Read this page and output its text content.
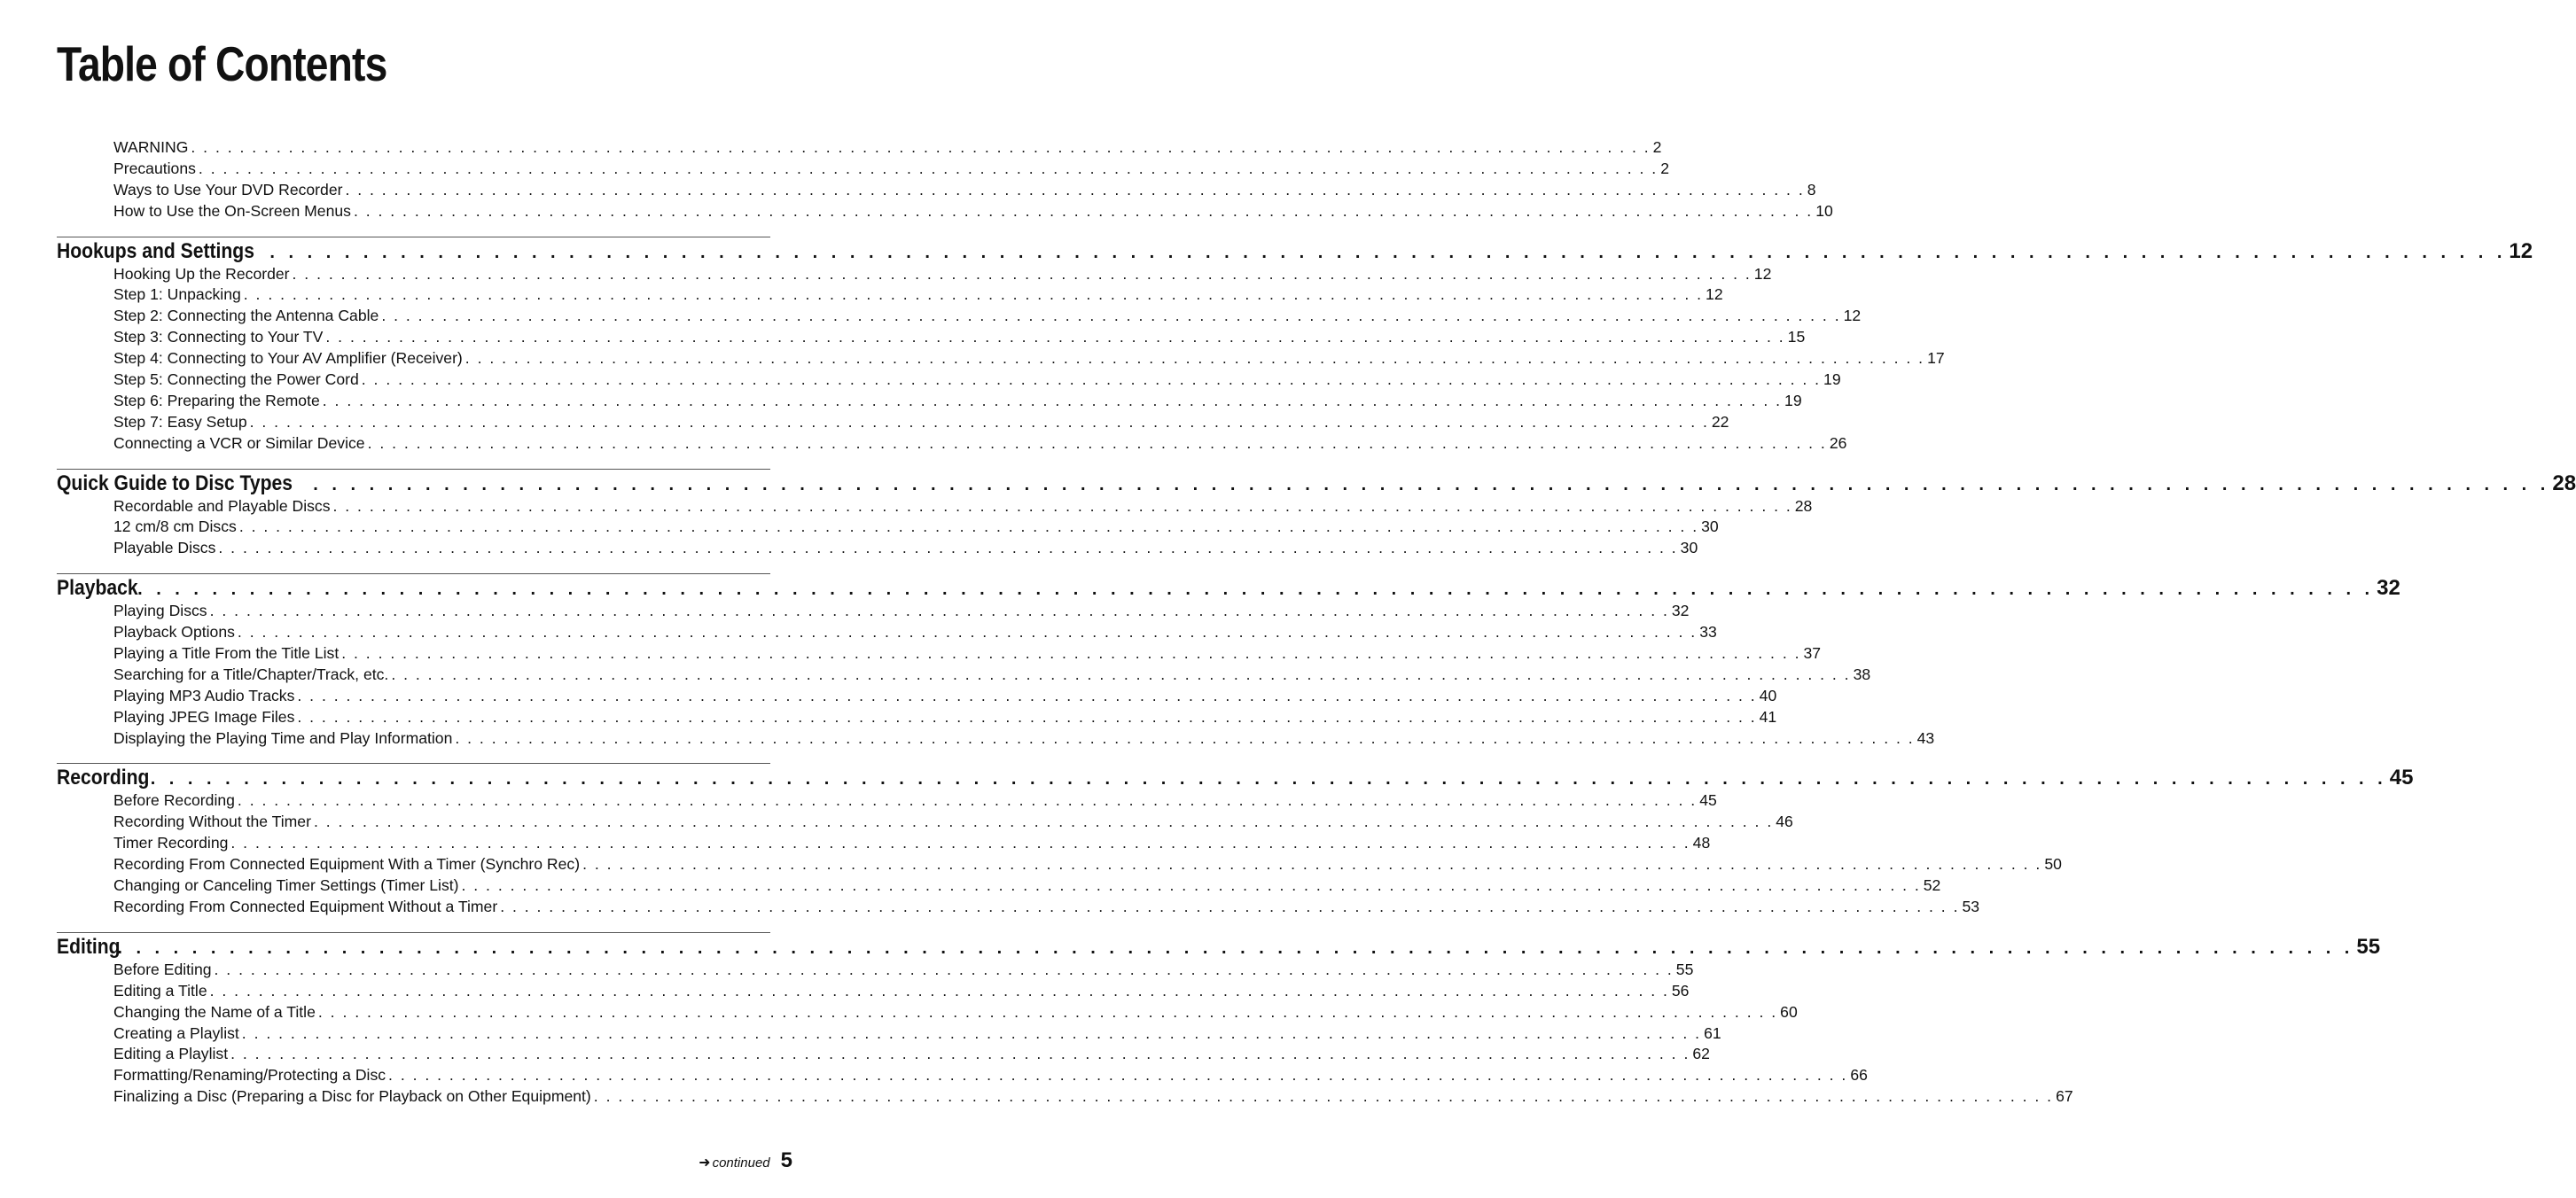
Table of Contents
WARNING . . . . . . . . . . . . . . . . . . . . . . . . . . . . . . . . . . . . . . . . . . . . . . . . . . . . . . . . . . . . . . . . . . . . . . . . . . . . . . . . . . . . . . . . . . . . . . . . . . . . . . . . . . . . . . . . . . . . . . . . 2
Precautions . . . . . . . . . . . . . . . . . . . . . . . . . . . . . . . . . . . . . . . . . . . . . . . . . . . . . . . . . . . . . . . . . . . . . . . . . . . . . . . . . . . . . . . . . . . . . . . . . . . . . . . . . . . . . . . . . . . . . . . . 2
Ways to Use Your DVD Recorder . . . . . . . . . . . . . . . . . . . . . . . . . . . . . . . . . . . . . . . . . . . . . . . . . . . . . . . . . . . . . . . . . . . . . . . . . . . . . . . . . . . . . . . . . . . . . . . . . . . . . . . . . . . . . . . . . . . . . . . . 8
How to Use the On-Screen Menus . . . . . . . . . . . . . . . . . . . . . . . . . . . . . . . . . . . . . . . . . . . . . . . . . . . . . . . . . . . . . . . . . . . . . . . . . . . . . . . . . . . . . . . . . . . . . . . . . . . . . . . . . . . . . . . . . . . . . . . . 10
Hookups and Settings . . . . . . . . . . . . . . . . . . . . . . . . . . . . . . . . . . . . . . . . . . . . . . . . . . . . . . . . . . . . . . . . . . . . . . . . . . . . . . . . . . . . . . . . . . . . . . . . . . . . . . . . . . . . . . . . . . . . . . . . 12
Hooking Up the Recorder . . . . . . . . . . . . . . . . . . . . . . . . . . . . . . . . . . . . . . . . . . . . . . . . . . . . . . . . . . . . . . . . . . . . . . . . . . . . . . . . . . . . . . . . . . . . . . . . . . . . . . . . . . . . . . . . . . . . . . . . 12
Step 1: Unpacking . . . . . . . . . . . . . . . . . . . . . . . . . . . . . . . . . . . . . . . . . . . . . . . . . . . . . . . . . . . . . . . . . . . . . . . . . . . . . . . . . . . . . . . . . . . . . . . . . . . . . . . . . . . . . . . . . . . . . . . . 12
Step 2: Connecting the Antenna Cable . . . . . . . . . . . . . . . . . . . . . . . . . . . . . . . . . . . . . . . . . . . . . . . . . . . . . . . . . . . . . . . . . . . . . . . . . . . . . . . . . . . . . . . . . . . . . . . . . . . . . . . . . . . . . . . . . . . . . . . . 12
Step 3: Connecting to Your TV . . . . . . . . . . . . . . . . . . . . . . . . . . . . . . . . . . . . . . . . . . . . . . . . . . . . . . . . . . . . . . . . . . . . . . . . . . . . . . . . . . . . . . . . . . . . . . . . . . . . . . . . . . . . . . . . . . . . . . . . 15
Step 4: Connecting to Your AV Amplifier (Receiver) . . . . . . . . . . . . . . . . . . . . . . . . . . . . . . . . . . . . . . . . . . . . . . . . . . . . . . . . . . . . . . . . . . . . . . . . . . . . . . . . . . . . . . . . . . . . . . . . . . . . . . . . . . . . . . . . . . . . . . . . 17
Step 5: Connecting the Power Cord . . . . . . . . . . . . . . . . . . . . . . . . . . . . . . . . . . . . . . . . . . . . . . . . . . . . . . . . . . . . . . . . . . . . . . . . . . . . . . . . . . . . . . . . . . . . . . . . . . . . . . . . . . . . . . . . . . . . . . . . 19
Step 6: Preparing the Remote . . . . . . . . . . . . . . . . . . . . . . . . . . . . . . . . . . . . . . . . . . . . . . . . . . . . . . . . . . . . . . . . . . . . . . . . . . . . . . . . . . . . . . . . . . . . . . . . . . . . . . . . . . . . . . . . . . . . . . . . 19
Step 7: Easy Setup . . . . . . . . . . . . . . . . . . . . . . . . . . . . . . . . . . . . . . . . . . . . . . . . . . . . . . . . . . . . . . . . . . . . . . . . . . . . . . . . . . . . . . . . . . . . . . . . . . . . . . . . . . . . . . . . . . . . . . . . 22
Connecting a VCR or Similar Device . . . . . . . . . . . . . . . . . . . . . . . . . . . . . . . . . . . . . . . . . . . . . . . . . . . . . . . . . . . . . . . . . . . . . . . . . . . . . . . . . . . . . . . . . . . . . . . . . . . . . . . . . . . . . . . . . . . . . . . . 26
Quick Guide to Disc Types . . . . . . . . . . . . . . . . . . . . . . . . . . . . . . . . . . . . . . . . . . . . . . . . . . . . . . . . . . . . . . . . . . . . . . . . . . . . . . . . . . . . . . . . . . . . . . . . . . . . . . . . . . . . . . . . . . . . . . . . 28
Recordable and Playable Discs . . . . . . . . . . . . . . . . . . . . . . . . . . . . . . . . . . . . . . . . . . . . . . . . . . . . . . . . . . . . . . . . . . . . . . . . . . . . . . . . . . . . . . . . . . . . . . . . . . . . . . . . . . . . . . . . . . . . . . . . 28
12 cm/8 cm Discs . . . . . . . . . . . . . . . . . . . . . . . . . . . . . . . . . . . . . . . . . . . . . . . . . . . . . . . . . . . . . . . . . . . . . . . . . . . . . . . . . . . . . . . . . . . . . . . . . . . . . . . . . . . . . . . . . . . . . . . . 30
Playable Discs . . . . . . . . . . . . . . . . . . . . . . . . . . . . . . . . . . . . . . . . . . . . . . . . . . . . . . . . . . . . . . . . . . . . . . . . . . . . . . . . . . . . . . . . . . . . . . . . . . . . . . . . . . . . . . . . . . . . . . . . 30
Playback . . . . . . . . . . . . . . . . . . . . . . . . . . . . . . . . . . . . . . . . . . . . . . . . . . . . . . . . . . . . . . . . . . . . . . . . . . . . . . . . . . . . . . . . . . . . . . . . . . . . . . . . . . . . . . . . . . . . . . . . 32
Playing Discs . . . . . . . . . . . . . . . . . . . . . . . . . . . . . . . . . . . . . . . . . . . . . . . . . . . . . . . . . . . . . . . . . . . . . . . . . . . . . . . . . . . . . . . . . . . . . . . . . . . . . . . . . . . . . . . . . . . . . . . . 32
Playback Options . . . . . . . . . . . . . . . . . . . . . . . . . . . . . . . . . . . . . . . . . . . . . . . . . . . . . . . . . . . . . . . . . . . . . . . . . . . . . . . . . . . . . . . . . . . . . . . . . . . . . . . . . . . . . . . . . . . . . . . . 33
Playing a Title From the Title List . . . . . . . . . . . . . . . . . . . . . . . . . . . . . . . . . . . . . . . . . . . . . . . . . . . . . . . . . . . . . . . . . . . . . . . . . . . . . . . . . . . . . . . . . . . . . . . . . . . . . . . . . . . . . . . . . . . . . . . . 37
Searching for a Title/Chapter/Track, etc. . . . . . . . . . . . . . . . . . . . . . . . . . . . . . . . . . . . . . . . . . . . . . . . . . . . . . . . . . . . . . . . . . . . . . . . . . . . . . . . . . . . . . . . . . . . . . . . . . . . . . . . . . . . . . . . . . . . . . . . . 38
Playing MP3 Audio Tracks . . . . . . . . . . . . . . . . . . . . . . . . . . . . . . . . . . . . . . . . . . . . . . . . . . . . . . . . . . . . . . . . . . . . . . . . . . . . . . . . . . . . . . . . . . . . . . . . . . . . . . . . . . . . . . . . . . . . . . . . 40
Playing JPEG Image Files . . . . . . . . . . . . . . . . . . . . . . . . . . . . . . . . . . . . . . . . . . . . . . . . . . . . . . . . . . . . . . . . . . . . . . . . . . . . . . . . . . . . . . . . . . . . . . . . . . . . . . . . . . . . . . . . . . . . . . . . 41
Displaying the Playing Time and Play Information . . . . . . . . . . . . . . . . . . . . . . . . . . . . . . . . . . . . . . . . . . . . . . . . . . . . . . . . . . . . . . . . . . . . . . . . . . . . . . . . . . . . . . . . . . . . . . . . . . . . . . . . . . . . . . . . . . . . . . . . 43
Recording . . . . . . . . . . . . . . . . . . . . . . . . . . . . . . . . . . . . . . . . . . . . . . . . . . . . . . . . . . . . . . . . . . . . . . . . . . . . . . . . . . . . . . . . . . . . . . . . . . . . . . . . . . . . . . . . . . . . . . . . 45
Before Recording . . . . . . . . . . . . . . . . . . . . . . . . . . . . . . . . . . . . . . . . . . . . . . . . . . . . . . . . . . . . . . . . . . . . . . . . . . . . . . . . . . . . . . . . . . . . . . . . . . . . . . . . . . . . . . . . . . . . . . . . 45
Recording Without the Timer . . . . . . . . . . . . . . . . . . . . . . . . . . . . . . . . . . . . . . . . . . . . . . . . . . . . . . . . . . . . . . . . . . . . . . . . . . . . . . . . . . . . . . . . . . . . . . . . . . . . . . . . . . . . . . . . . . . . . . . . 46
Timer Recording . . . . . . . . . . . . . . . . . . . . . . . . . . . . . . . . . . . . . . . . . . . . . . . . . . . . . . . . . . . . . . . . . . . . . . . . . . . . . . . . . . . . . . . . . . . . . . . . . . . . . . . . . . . . . . . . . . . . . . . . 48
Recording From Connected Equipment With a Timer (Synchro Rec) . . . . . . . . . . . . . . . . . . . . . . . . . . . . . . . . . . . . . . . . . . . . . . . . . . . . . . . . . . . . . . . . . . . . . . . . . . . . . . . . . . . . . . . . . . . . . . . . . . . . . . . . . . . . . . . . . . . . . . . . 50
Changing or Canceling Timer Settings (Timer List) . . . . . . . . . . . . . . . . . . . . . . . . . . . . . . . . . . . . . . . . . . . . . . . . . . . . . . . . . . . . . . . . . . . . . . . . . . . . . . . . . . . . . . . . . . . . . . . . . . . . . . . . . . . . . . . . . . . . . . . . 52
Recording From Connected Equipment Without a Timer . . . . . . . . . . . . . . . . . . . . . . . . . . . . . . . . . . . . . . . . . . . . . . . . . . . . . . . . . . . . . . . . . . . . . . . . . . . . . . . . . . . . . . . . . . . . . . . . . . . . . . . . . . . . . . . . . . . . . . . . 53
Editing
. . . . . . . . . . . . . . . . . . . . . . . . . . . . . . . . . . . . . . . . . . . . . . . . . . . . . . . . . . . . . . . . . . . . . . . . . . . . . . . . . . . . . . . . . . . . . . . . . . . . . . . . . . . . . . . . . . . . . . . . 55
Before Editing . . . . . . . . . . . . . . . . . . . . . . . . . . . . . . . . . . . . . . . . . . . . . . . . . . . . . . . . . . . . . . . . . . . . . . . . . . . . . . . . . . . . . . . . . . . . . . . . . . . . . . . . . . . . . . . . . . . . . . . . 55
Editing a Title . . . . . . . . . . . . . . . . . . . . . . . . . . . . . . . . . . . . . . . . . . . . . . . . . . . . . . . . . . . . . . . . . . . . . . . . . . . . . . . . . . . . . . . . . . . . . . . . . . . . . . . . . . . . . . . . . . . . . . . . 56
Changing the Name of a Title . . . . . . . . . . . . . . . . . . . . . . . . . . . . . . . . . . . . . . . . . . . . . . . . . . . . . . . . . . . . . . . . . . . . . . . . . . . . . . . . . . . . . . . . . . . . . . . . . . . . . . . . . . . . . . . . . . . . . . . . 60
Creating a Playlist . . . . . . . . . . . . . . . . . . . . . . . . . . . . . . . . . . . . . . . . . . . . . . . . . . . . . . . . . . . . . . . . . . . . . . . . . . . . . . . . . . . . . . . . . . . . . . . . . . . . . . . . . . . . . . . . . . . . . . . . 61
Editing a Playlist . . . . . . . . . . . . . . . . . . . . . . . . . . . . . . . . . . . . . . . . . . . . . . . . . . . . . . . . . . . . . . . . . . . . . . . . . . . . . . . . . . . . . . . . . . . . . . . . . . . . . . . . . . . . . . . . . . . . . . . . 62
Formatting/Renaming/Protecting a Disc . . . . . . . . . . . . . . . . . . . . . . . . . . . . . . . . . . . . . . . . . . . . . . . . . . . . . . . . . . . . . . . . . . . . . . . . . . . . . . . . . . . . . . . . . . . . . . . . . . . . . . . . . . . . . . . . . . . . . . . . 66
Finalizing a Disc (Preparing a Disc for Playback on Other Equipment) . . . . . . . . . . . . . . . . . . . . . . . . . . . . . . . . . . . . . . . . . . . . . . . . . . . . . . . . . . . . . . . . . . . . . . . . . . . . . . . . . . . . . . . . . . . . . . . . . . . . . . . . . . . . . . . . . . . . . . . . 67
➜ continued 5
